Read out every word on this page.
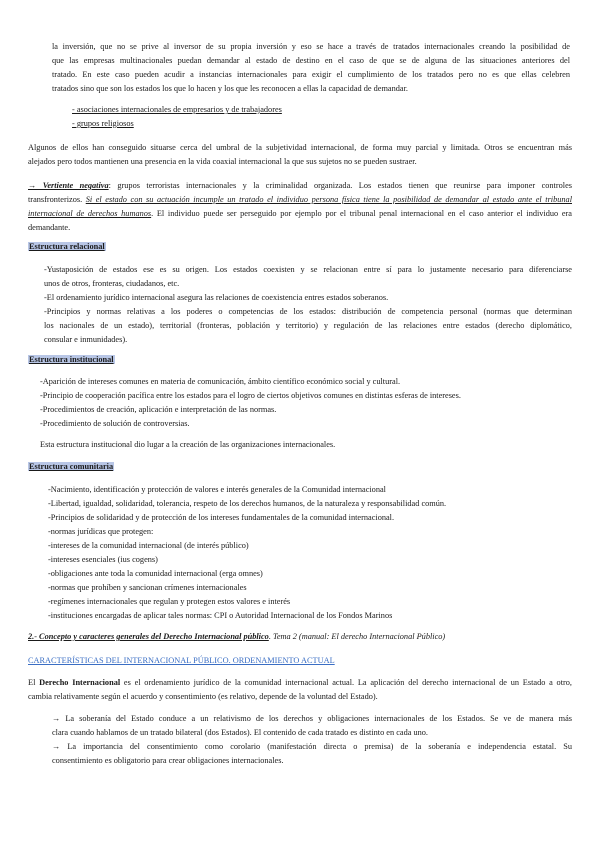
la inversión, que no se prive al inversor de su propia inversión y eso se hace a través de tratados internacionales creando la posibilidad de

que las empresas multinacionales puedan demandar al estado de destino en el caso de que se de alguna de las situaciones anteriores del

tratado. En este caso pueden acudir a instancias internacionales para exigir el cumplimiento de los tratados pero no es que ellas celebren

tratados sino que son los estados los que lo hacen y los que les reconocen a ellas la capacidad de demandar.

- asociaciones internacionales de empresarios y de trabajadores

- grupos religiosos

Algunos de ellos han conseguido situarse cerca del umbral de la subjetividad internacional, de forma muy parcial y limitada. Otros se encuentran más

alejados pero todos mantienen una presencia en la vida coaxial internacional la que sus sujetos no se pueden sustraer.

→ Vertiente negativa: grupos terroristas internacionales y la criminalidad organizada. Los estados tienen que reunirse para imponer controles

transfronterizos. Si el estado con su actuación incumple un tratado el individuo persona física tiene la posibilidad de demandar al estado ante el tribunal

internacional de derechos humanos. El individuo puede ser perseguido por ejemplo por el tribunal penal internacional en el caso anterior el individuo era

demandante.

Estructura relacional

-Yustaposición de estados ese es su origen. Los estados coexisten y se relacionan entre sí para lo justamente necesario para diferenciarse

unos de otros, fronteras, ciudadanos, etc.

-El ordenamiento jurídico internacional asegura las relaciones de coexistencia entres estados soberanos.

-Principios y normas relativas a los poderes o competencias de los estados: distribución de competencia personal (normas que determinan

los nacionales de un estado), territorial (fronteras, población y territorio) y regulación de las relaciones entre estados (derecho diplomático,

consular e inmunidades).

Estructura institucional

-Aparición de intereses comunes en materia de comunicación, ámbito científico económico social y cultural.

-Principio de cooperación pacífica entre los estados para el logro de ciertos objetivos comunes en distintas esferas de intereses.

-Procedimientos de creación, aplicación e interpretación de las normas.

-Procedimiento de solución de controversias.

Esta estructura institucional dio lugar a la creación de las organizaciones internacionales.

Estructura comunitaria

-Nacimiento, identificación y protección de valores e interés generales de la Comunidad internacional

-Libertad, igualdad, solidaridad, tolerancia, respeto de los derechos humanos, de la naturaleza y responsabilidad común.

-Principios de solidaridad y de protección de los intereses fundamentales de la comunidad internacional.

-normas jurídicas que protegen:

-intereses de la comunidad internacional (de interés público)

-intereses esenciales (ius cogens)

-obligaciones ante toda la comunidad internacional (erga omnes)

-normas que prohíben y sancionan crímenes internacionales

-regímenes internacionales que regulan y protegen estos valores e interés

-instituciones encargadas de aplicar tales normas: CPI o Autoridad Internacional de los Fondos Marinos

2.- Concepto y caracteres generales del Derecho Internacional público. Tema 2 (manual: El derecho Internacional Público)

CARACTERÍSTICAS DEL INTERNACIONAL PÚBLICO. ORDENAMIENTO ACTUAL

El Derecho Internacional es el ordenamiento jurídico de la comunidad internacional actual. La aplicación del derecho internacional de un Estado a otro,

cambia relativamente según el acuerdo y consentimiento (es relativo, depende de la voluntad del Estado).

→ La soberanía del Estado conduce a un relativismo de los derechos y obligaciones internacionales de los Estados. Se ve de manera más

clara cuando hablamos de un tratado bilateral (dos Estados). El contenido de cada tratado es distinto en cada uno.

→ La importancia del consentimiento como corolario (manifestación directa o premisa) de la soberanía e independencia estatal. Su

consentimiento es obligatorio para crear obligaciones internacionales.
